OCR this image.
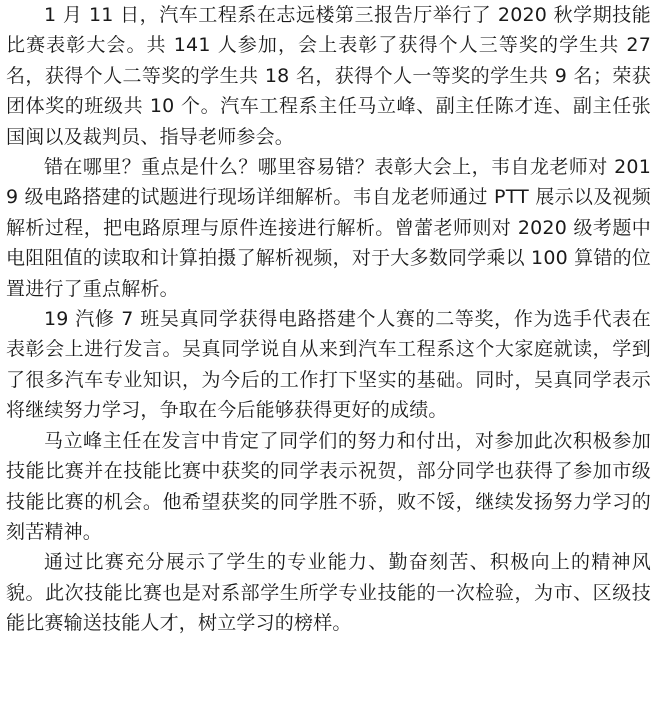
1 月 11 日，汽车工程系在志远楼第三报告厅举行了 2020 秋学期技能比赛表彰大会。共 141 人参加，会上表彰了获得个人三等奖的学生共 27 名，获得个人二等奖的学生共 18 名，获得个人一等奖的学生共 9 名；荣获团体奖的班级共 10 个。汽车工程系主任马立峰、副主任陈才连、副主任张国闽以及裁判员、指导老师参会。

错在哪里？重点是什么？哪里容易错？表彰大会上，韦自龙老师对 2019 级电路搭建的试题进行现场详细解析。韦自龙老师通过 PTT 展示以及视频解析过程，把电路原理与原件连接进行解析。曾蕾老师则对 2020 级考题中电阻阻值的读取和计算拍摄了解析视频，对于大多数同学乘以 100 算错的位置进行了重点解析。

19 汽修 7 班吴真同学获得电路搭建个人赛的二等奖，作为选手代表在表彰会上进行发言。吴真同学说自从来到汽车工程系这个大家庭就读，学到了很多汽车专业知识，为今后的工作打下坚实的基础。同时，吴真同学表示将继续努力学习，争取在今后能够获得更好的成绩。

马立峰主任在发言中肯定了同学们的努力和付出，对参加此次积极参加技能比赛并在技能比赛中获奖的同学表示祝贺，部分同学也获得了参加市级技能比赛的机会。他希望获奖的同学胜不骄，败不馁，继续发扬努力学习的刻苦精神。

通过比赛充分展示了学生的专业能力、勤奋刻苦、积极向上的精神风貌。此次技能比赛也是对系部学生所学专业技能的一次检验，为市、区级技能比赛输送技能人才，树立学习的榜样。
